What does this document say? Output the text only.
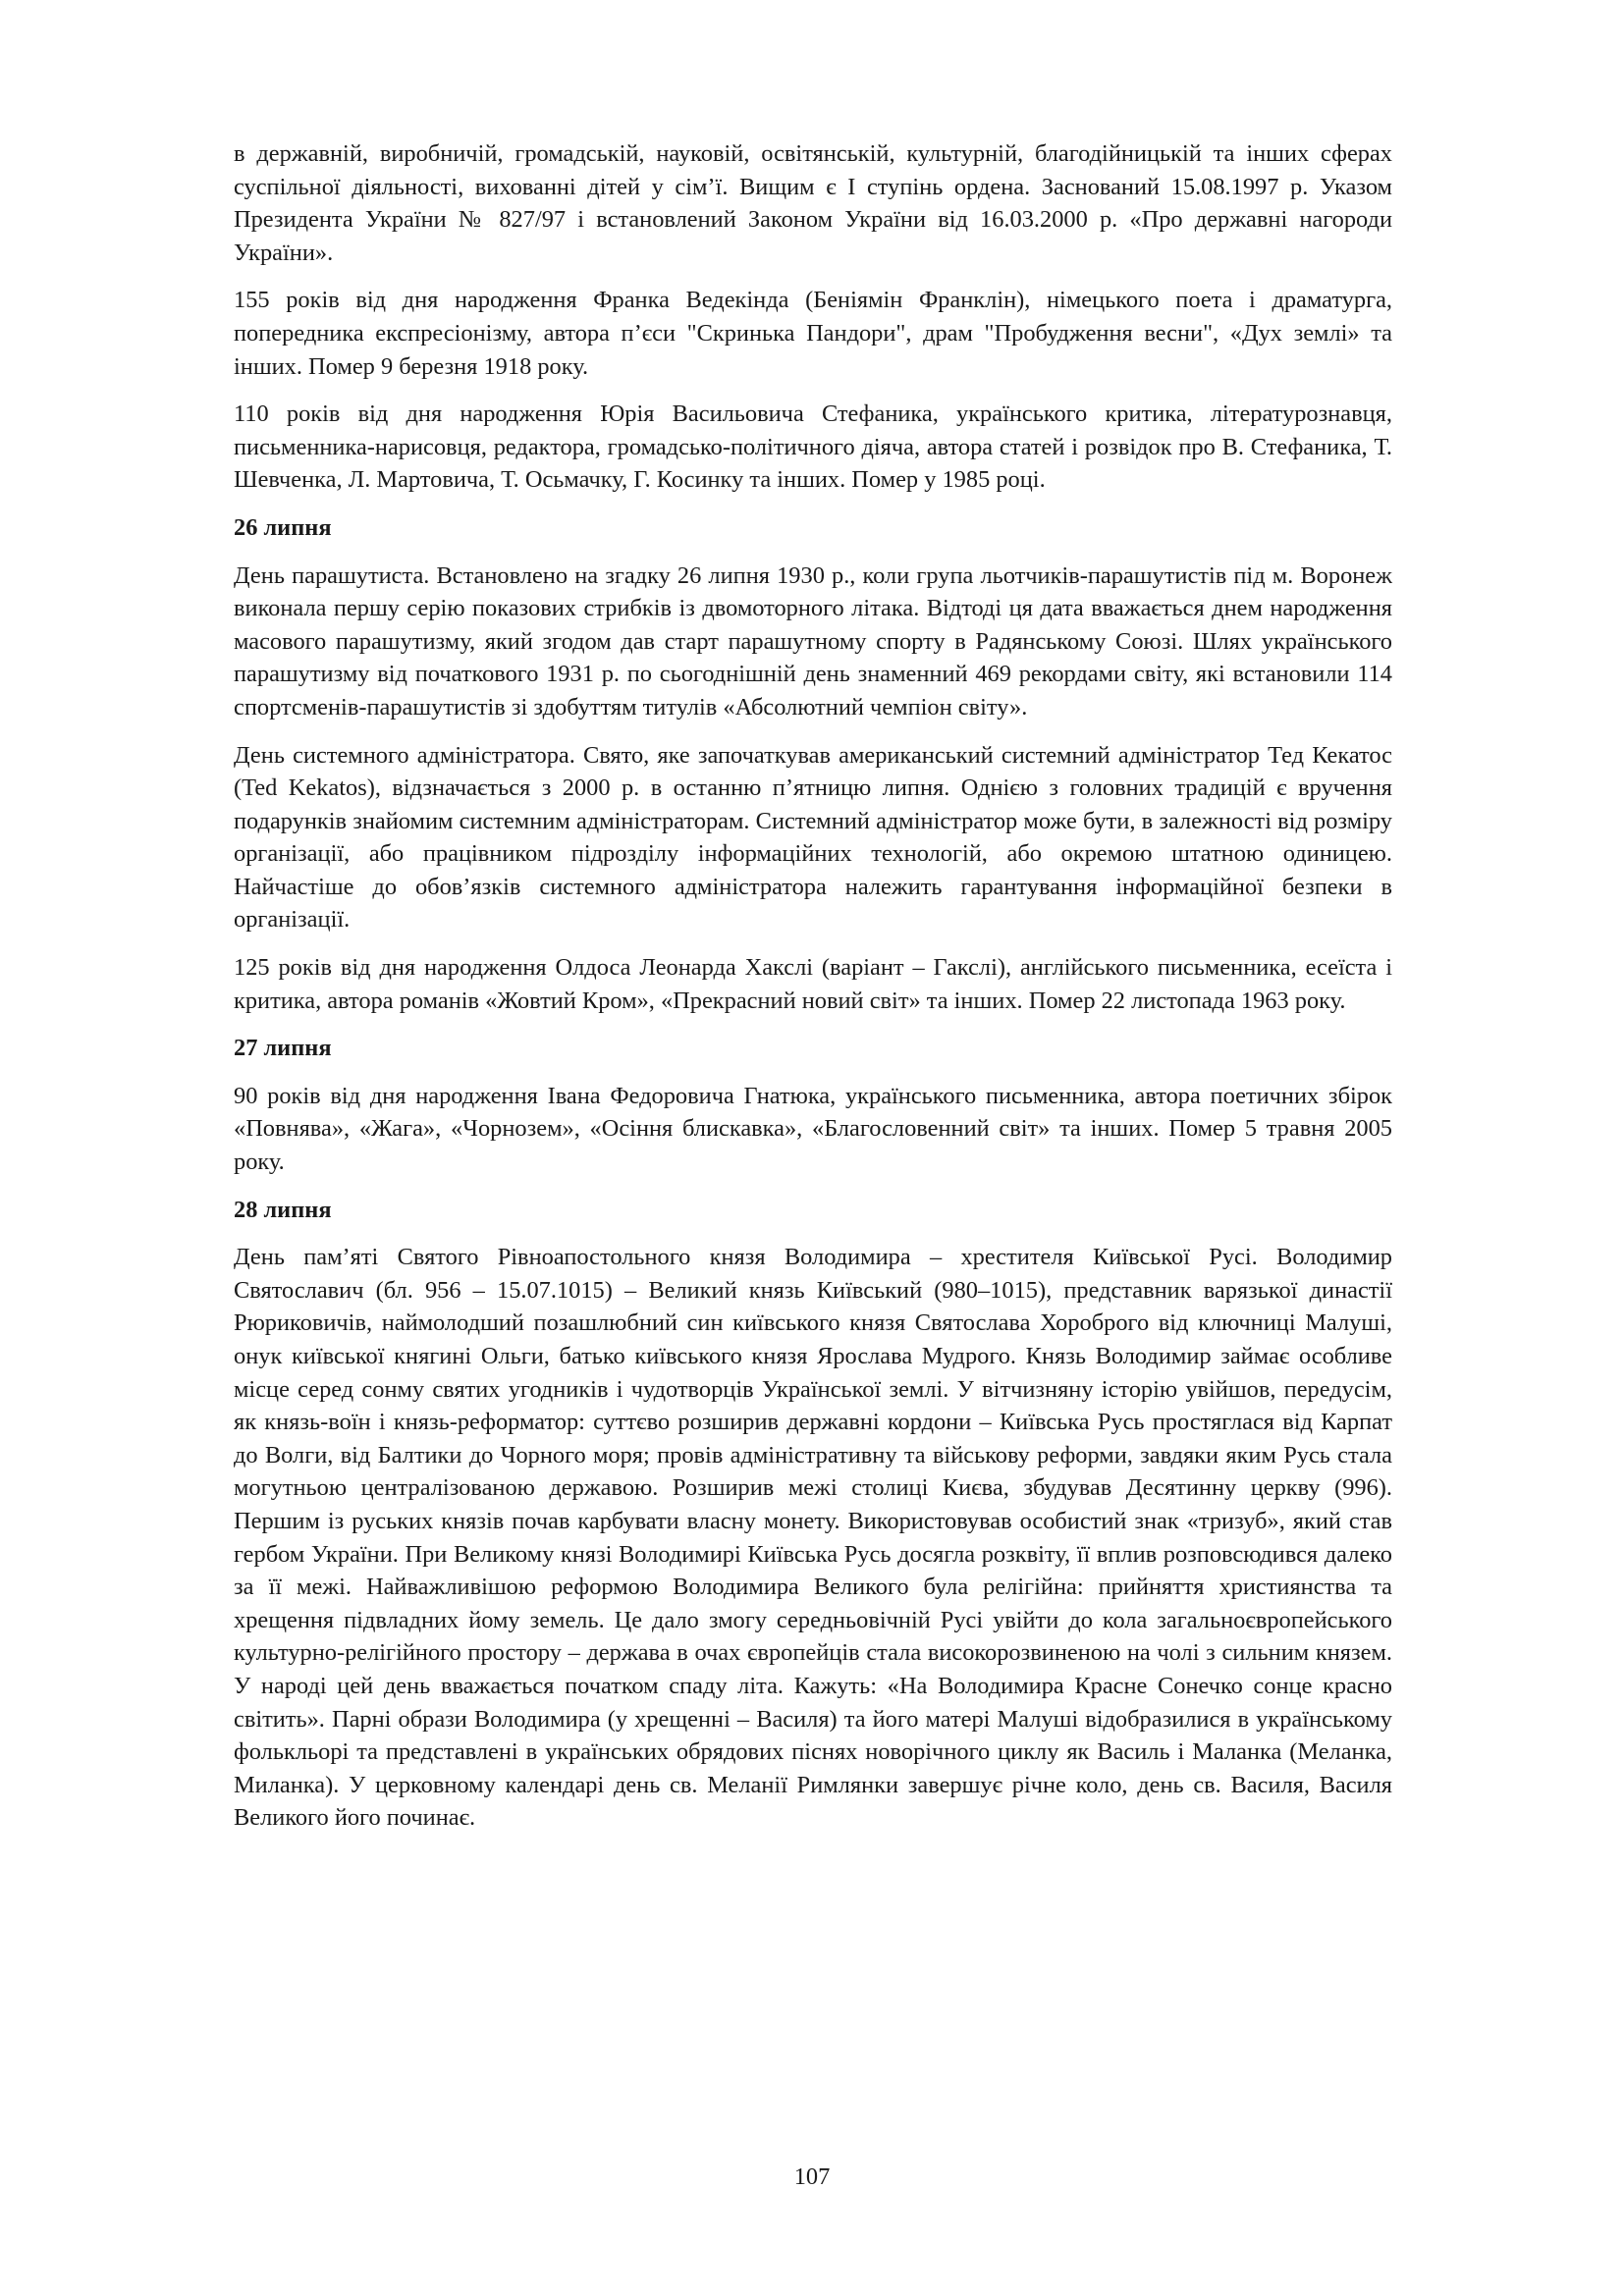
в державній, виробничій, громадській, науковій, освітянській, культурній, благодійницькій та інших сферах суспільної діяльності, вихованні дітей у сім’ї. Вищим є І ступінь ордена. Заснований 15.08.1997 р. Указом Президента України № 827/97 і встановлений Законом України від 16.03.2000 р. «Про державні нагороди України».

155 років від дня народження Франка Ведекінда (Беніямін Франклін), німецького поета і драматурга, попередника експресіонізму, автора п’єси "Скринька Пандори", драм "Пробудження весни", «Дух землі» та інших. Помер 9 березня 1918 року.

110 років від дня народження Юрія Васильовича Стефаника, українського критика, літературознавця, письменника-нарисовця, редактора, громадсько-політичного діяча, автора статей і розвідок про В. Стефаника, Т. Шевченка, Л. Мартовича, Т. Осьмачку, Г. Косинку та інших. Помер у 1985 році.

26 липня

День парашутиста. Встановлено на згадку 26 липня 1930 р., коли група льотчиків-парашутистів під м. Воронеж виконала першу серію показових стрибків із двомоторного літака. Відтоді ця дата вважається днем народження масового парашутизму, який згодом дав старт парашутному спорту в Радянському Союзі. Шлях українського парашутизму від початкового 1931 р. по сьогоднішній день знаменний 469 рекордами світу, які встановили 114 спортсменів-парашутистів зі здобуттям титулів «Абсолютний чемпіон світу».

День системного адміністратора. Свято, яке започаткував американський системний адміністратор Тед Кекатос (Ted Kekatos), відзначається з 2000 р. в останню п’ятницю липня. Однією з головних традицій є вручення подарунків знайомим системним адміністраторам. Системний адміністратор може бути, в залежності від розміру організації, або працівником підрозділу інформаційних технологій, або окремою штатною одиницею. Найчастіше до обов’язків системного адміністратора належить гарантування інформаційної безпеки в організації.

125 років від дня народження Олдоса Леонарда Хакслі (варіант – Гакслі), англійського письменника, есеїста і критика, автора романів «Жовтий Кром», «Прекрасний новий світ» та інших. Помер 22 листопада 1963 року.

27 липня

90 років від дня народження Івана Федоровича Гнатюка, українського письменника, автора поетичних збірок «Повнява», «Жага», «Чорнозем», «Осіння блискавка», «Благословенний світ» та інших. Помер 5 травня 2005 року.

28 липня

День пам’яті Святого Рівноапостольного князя Володимира – хрестителя Київської Русі. Володимир Святославич (бл. 956 – 15.07.1015) – Великий князь Київський (980–1015), представник варязької династії Рюриковичів, наймолодший позашлюбний син київського князя Святослава Хороброго від ключниці Малуші, онук київської княгині Ольги, батько київського князя Ярослава Мудрого. Князь Володимир займає особливе місце серед сонму святих угодників і чудотворців Української землі. У вітчизняну історію увійшов, передусім, як князь-воїн і князь-реформатор: суттєво розширив державні кордони – Київська Русь простяглася від Карпат до Волги, від Балтики до Чорного моря; провів адміністративну та військову реформи, завдяки яким Русь стала могутньою централізованою державою. Розширив межі столиці Києва, збудував Десятинну церкву (996). Першим із руських князів почав карбувати власну монету. Використовував особистий знак «тризуб», який став гербом України. При Великому князі Володимирі Київська Русь досягла розквіту, її вплив розповсюдився далеко за її межі. Найважливішою реформою Володимира Великого була релігійна: прийняття християнства та хрещення підвладних йому земель. Це дало змогу середньовічній Русі увійти до кола загальноєвропейського культурно-релігійного простору – держава в очах європейців стала високорозвиненою на чолі з сильним князем. У народі цей день вважається початком спаду літа. Кажуть: «На Володимира Красне Сонечко сонце красно світить». Парні образи Володимира (у хрещенні – Василя) та його матері Малуші відобразилися в українському фолькльорі та представлені в українських обрядових піснях новорічного циклу як Василь і Маланка (Меланка, Миланка). У церковному календарі день св. Меланії Римлянки завершує річне коло, день св. Василя, Василя Великого його починає.

107
